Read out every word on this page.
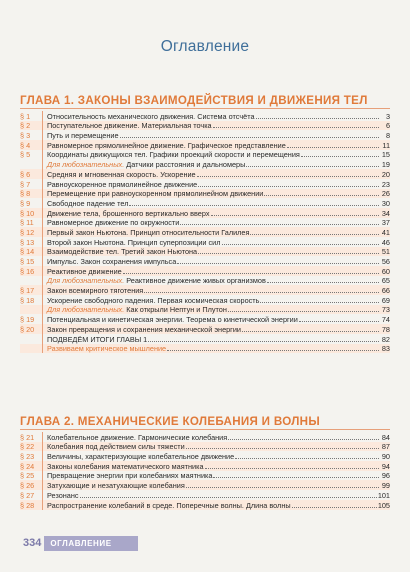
Оглавление
ГЛАВА 1. ЗАКОНЫ ВЗАИМОДЕЙСТВИЯ И ДВИЖЕНИЯ ТЕЛ
§ 1	Относительность механического движения. Система отсчёта	3
§ 2	Поступательное движение. Материальная точка	6
§ 3	Путь и перемещение	8
§ 4	Равномерное прямолинейное движение. Графическое представление	11
§ 5	Координаты движущихся тел. Графики проекций скорости и перемещения	15
Для любознательных. Датчики расстояния и дальномеры	19
§ 6	Средняя и мгновенная скорость. Ускорение	20
§ 7	Равноускоренное прямолинейное движение	23
§ 8	Перемещение при равноускоренном прямолинейном движении	26
§ 9	Свободное падение тел	30
§ 10	Движение тела, брошенного вертикально вверх	34
§ 11	Равномерное движение по окружности	37
§ 12	Первый закон Ньютона. Принцип относительности Галилея	41
§ 13	Второй закон Ньютона. Принцип суперпозиции сил	46
§ 14	Взаимодействие тел. Третий закон Ньютона	51
§ 15	Импульс. Закон сохранения импульса	56
§ 16	Реактивное движение	60
Для любознательных. Реактивное движение живых организмов	65
§ 17	Закон всемирного тяготения	66
§ 18	Ускорение свободного падения. Первая космическая скорость	69
Для любознательных. Как открыли Нептун и Плутон	73
§ 19	Потенциальная и кинетическая энергии. Теорема о кинетической энергии	74
§ 20	Закон превращения и сохранения механической энергии	78
ПОДВЕДЁМ ИТОГИ ГЛАВЫ 1	82
Развиваем критическое мышление	83
ГЛАВА 2. МЕХАНИЧЕСКИЕ КОЛЕБАНИЯ И ВОЛНЫ
§ 21	Колебательное движение. Гармонические колебания	84
§ 22	Колебания под действием силы тяжести	87
§ 23	Величины, характеризующие колебательное движение	90
§ 24	Законы колебания математического маятника	94
§ 25	Превращение энергии при колебаниях маятника	96
§ 26	Затухающие и незатухающие колебания	99
§ 27	Резонанс	101
§ 28	Распространение колебаний в среде. Поперечные волны. Длина волны	105
334	ОГЛАВЛЕНИЕ
